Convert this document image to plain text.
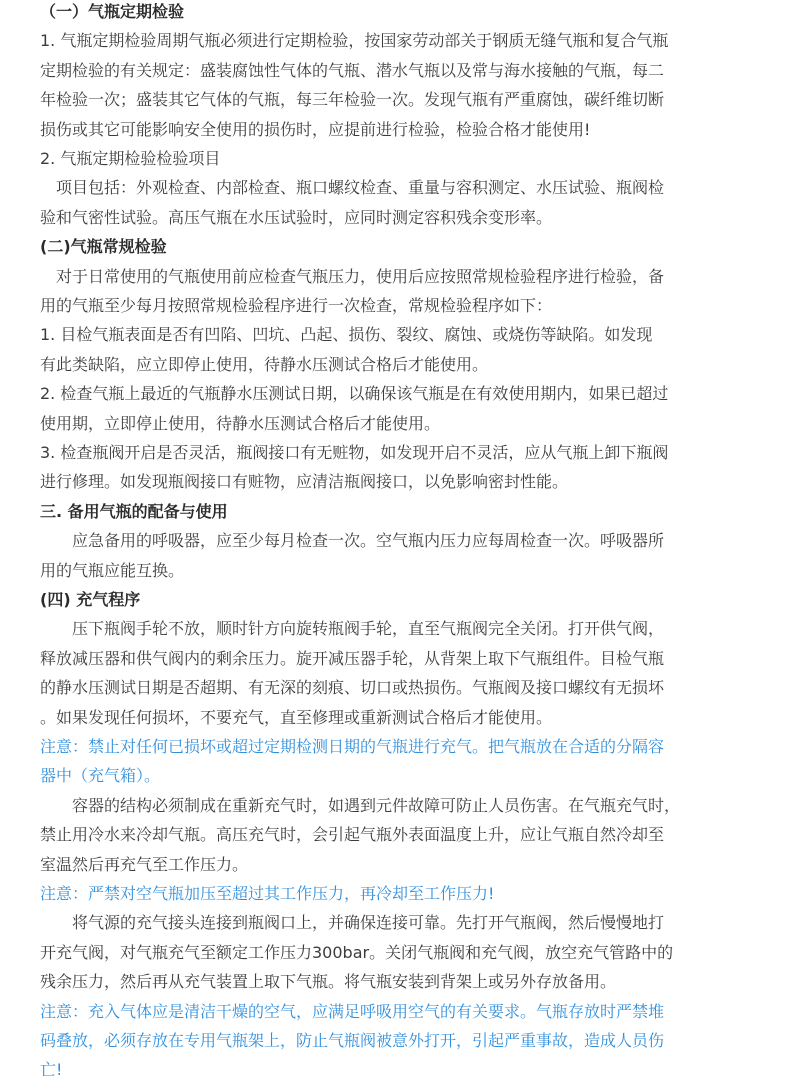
（一）气瓶定期检验
1. 气瓶定期检验周期气瓶必须进行定期检验，按国家劳动部关于钢质无缝气瓶和复合气瓶
定期检验的有关规定：盛装腐蚀性气体的气瓶、潜水气瓶以及常与海水接触的气瓶，每二
年检验一次；盛装其它气体的气瓶，每三年检验一次。发现气瓶有严重腐蚀，碳纤维切断
损伤或其它可能影响安全使用的损伤时，应提前进行检验，检验合格才能使用!
2. 气瓶定期检验检验项目
　项目包括：外观检查、内部检查、瓶口螺纹检查、重量与容积测定、水压试验、瓶阀检
验和气密性试验。高压气瓶在水压试验时，应同时测定容积残余变形率。
(二)气瓶常规检验
　对于日常使用的气瓶使用前应检查气瓶压力，使用后应按照常规检验程序进行检验，备
用的气瓶至少每月按照常规检验程序进行一次检查，常规检验程序如下：
1. 目检气瓶表面是否有凹陷、凹坑、凸起、损伤、裂纹、腐蚀、或烧伤等缺陷。如发现
有此类缺陷，应立即停止使用，待静水压测试合格后才能使用。
2. 检查气瓶上最近的气瓶静水压测试日期，以确保该气瓶是在有效使用期内，如果已超过
使用期，立即停止使用，待静水压测试合格后才能使用。
3. 检查瓶阀开启是否灵活，瓶阀接口有无赃物，如发现开启不灵活，应从气瓶上卸下瓶阀
进行修理。如发现瓶阀接口有赃物，应清洁瓶阀接口，以免影响密封性能。
三. 备用气瓶的配备与使用
　　应急备用的呼吸器，应至少每月检查一次。空气瓶内压力应每周检查一次。呼吸器所
用的气瓶应能互换。
(四) 充气程序
　　压下瓶阀手轮不放，顺时针方向旋转瓶阀手轮，直至气瓶阀完全关闭。打开供气阀，
释放减压器和供气阀内的剩余压力。旋开减压器手轮，从背架上取下气瓶组件。目检气瓶
的静水压测试日期是否超期、有无深的刻痕、切口或热损伤。气瓶阀及接口螺纹有无损坏
。如果发现任何损坏，不要充气，直至修理或重新测试合格后才能使用。
注意：禁止对任何已损坏或超过定期检测日期的气瓶进行充气。把气瓶放在合适的分隔容
器中（充气箱）。
　　容器的结构必须制成在重新充气时，如遇到元件故障可防止人员伤害。在气瓶充气时，
禁止用冷水来冷却气瓶。高压充气时，会引起气瓶外表面温度上升，应让气瓶自然冷却至
室温然后再充气至工作压力。
注意：严禁对空气瓶加压至超过其工作压力，再冷却至工作压力!
　　将气源的充气接头连接到瓶阀口上，并确保连接可靠。先打开气瓶阀，然后慢慢地打
开充气阀，对气瓶充气至额定工作压力300bar。关闭气瓶阀和充气阀，放空充气管路中的
残余压力，然后再从充气装置上取下气瓶。将气瓶安装到背架上或另外存放备用。
注意：充入气体应是清洁干燥的空气，应满足呼吸用空气的有关要求。气瓶存放时严禁堆
码叠放，必须存放在专用气瓶架上，防止气瓶阀被意外打开，引起严重事故，造成人员伤
亡!
